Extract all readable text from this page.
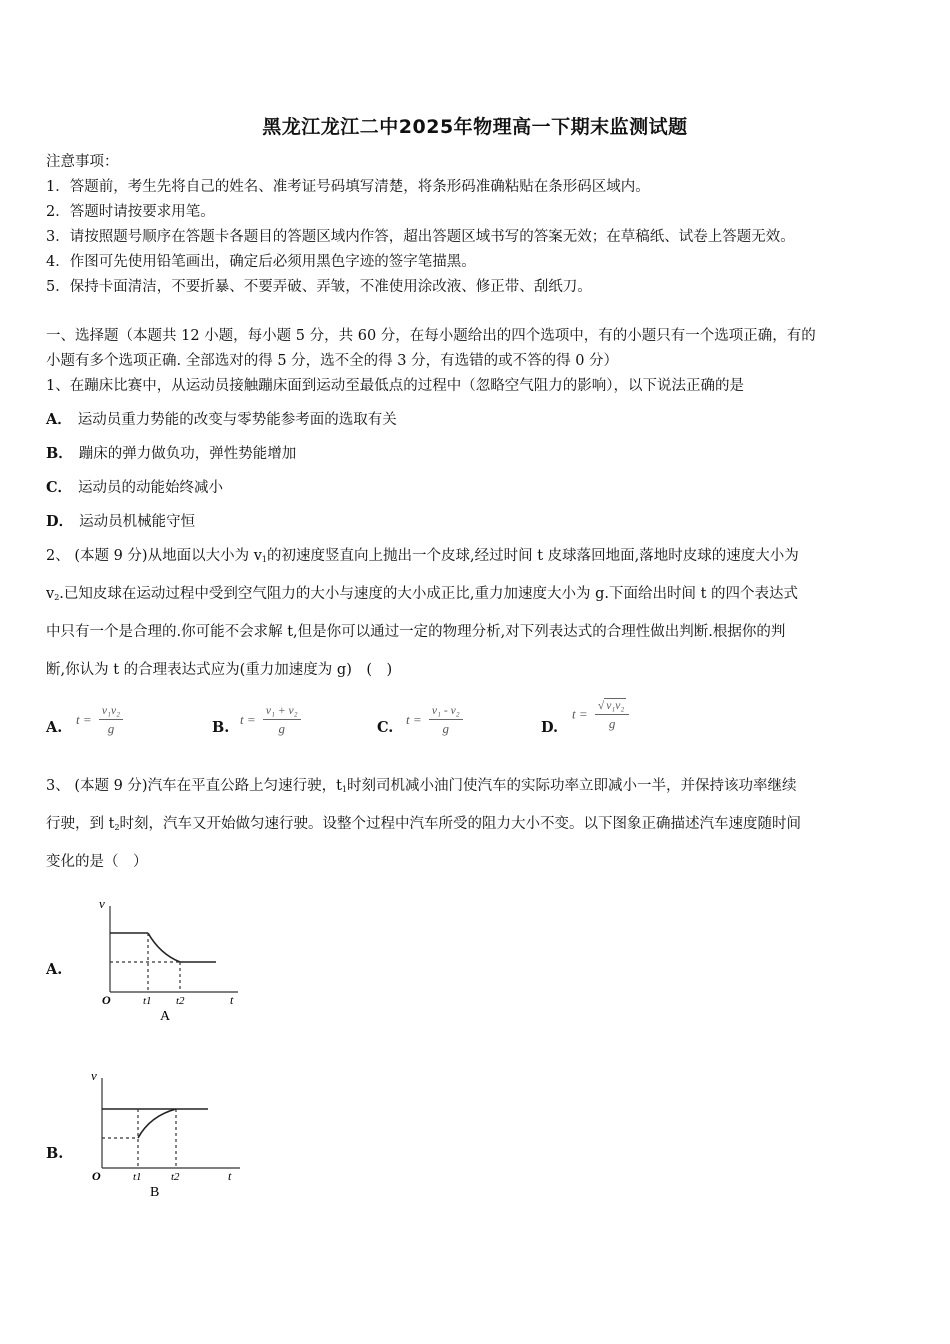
黑龙江龙江二中2025年物理高一下期末监测试题
注意事项：
1．答题前，考生先将自己的姓名、准考证号码填写清楚，将条形码准确粘贴在条形码区域内。
2．答题时请按要求用笔。
3．请按照题号顺序在答题卡各题目的答题区域内作答，超出答题区域书写的答案无效；在草稿纸、试卷上答题无效。
4．作图可先使用铅笔画出，确定后必须用黑色字迹的签字笔描黑。
5．保持卡面清洁，不要折暴、不要弄破、弄皱，不准使用涂改液、修正带、刮纸刀。
一、选择题（本题共 12 小题，每小题 5 分，共 60 分，在每小题给出的四个选项中，有的小题只有一个选项正确，有的
小题有多个选项正确. 全部选对的得 5 分，选不全的得 3 分，有选错的或不答的得 0 分）
1、在蹦床比赛中，从运动员接触蹦床面到运动至最低点的过程中（忽略空气阻力的影响），以下说法正确的是
A． 运动员重力势能的改变与零势能参考面的选取有关
B． 蹦床的弹力做负功，弹性势能增加
C． 运动员的动能始终减小
D． 运动员机械能守恒
2、 (本题 9 分)从地面以大小为 $v_1$的初速度竖直向上抛出一个皮球,经过时间 t 皮球落回地面,落地时皮球的速度大小为
$v_2$.已知皮球在运动过程中受到空气阻力的大小与速度的大小成正比,重力加速度大小为 g.下面给出时间 t 的四个表达式
中只有一个是合理的.你可能不会求解 t,但是你可以通过一定的物理分析,对下列表达式的合理性做出判断.根据你的判
断,你认为 t 的合理表达式应为(重力加速度为 g)　(　)
A.	$t = \frac{\text{v₁v₂}}{g}$	B. $t = \frac{\text{v₁ + v₂}}{g}$	C. $t = \frac{\text{v₁ - v₂}}{g}$	D.
$t = \frac{\text{√ v₁v₂}}{g}$
3、 (本题 9 分)汽车在平直公路上匀速行驶，$t_1$时刻司机减小油门使汽车的实际功率立即减小一半，并保持该功率继续
行驶，到 $t_2$时刻，汽车又开始做匀速行驶。设整个过程中汽车所受的阻力大小不变。以下图象正确描述汽车速度随时间
变化的是（　）
A.
v
O	t1 t2	t
A
B.
v
O	t1	t2	t
B
